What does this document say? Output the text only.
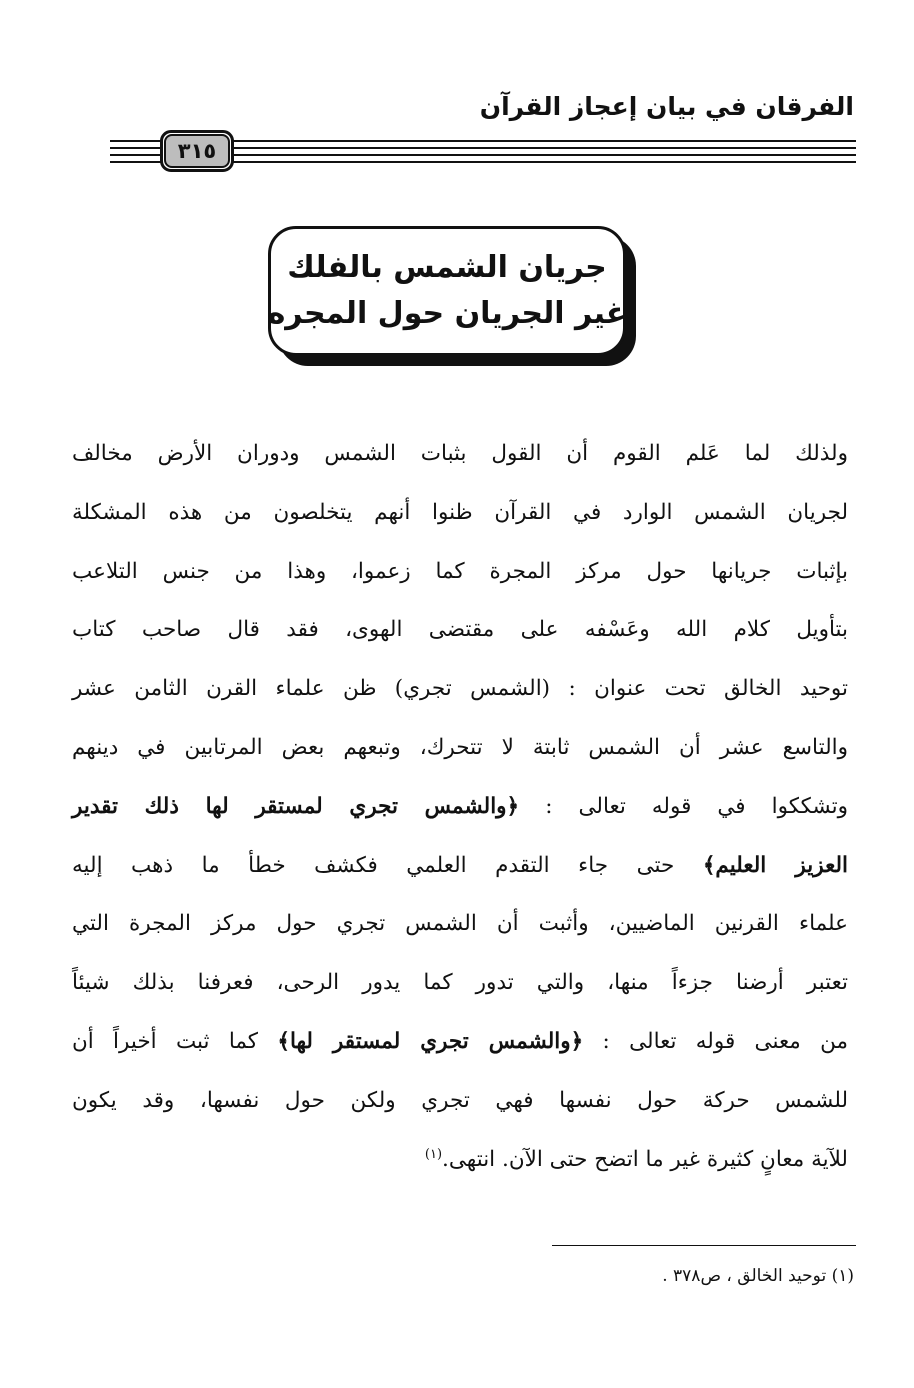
الفرقان في بيان إعجاز القرآن
٣١٥
جريان الشمس بالفلك
غير الجريان حول المجره
ولذلك لما عَلم القوم أن القول بثبات الشمس ودوران الأرض مخالف
لجريان الشمس الوارد في القرآن ظنوا أنهم يتخلصون من هذه المشكلة
بإثبات جريانها حول مركز المجرة كما زعموا، وهذا من جنس التلاعب
بتأويل كلام الله وعَسْفه على مقتضى الهوى، فقد قال صاحب كتاب
توحيد الخالق تحت عنوان : (الشمس تجري) ظن علماء القرن الثامن عشر
والتاسع عشر أن الشمس ثابتة لا تتحرك، وتبعهم بعض المرتابين في دينهم
وتشككوا في قوله تعالى : ﴿والشمس تجري لمستقر لها ذلك تقدير
العزيز العليم﴾ حتى جاء التقدم العلمي فكشف خطأ ما ذهب إليه
علماء القرنين الماضيين، وأثبت أن الشمس تجري حول مركز المجرة التي
تعتبر أرضنا جزءاً منها، والتي تدور كما يدور الرحى، فعرفنا بذلك شيئاً
من معنى قوله تعالى : ﴿والشمس تجري لمستقر لها﴾ كما ثبت أخيراً أن
للشمس حركة حول نفسها فهي تجري ولكن حول نفسها، وقد يكون
للآية معانٍ كثيرة غير ما اتضح حتى الآن. انتهى.$^{(١)}$
(١) توحيد الخالق ، ص٣٧٨ .
